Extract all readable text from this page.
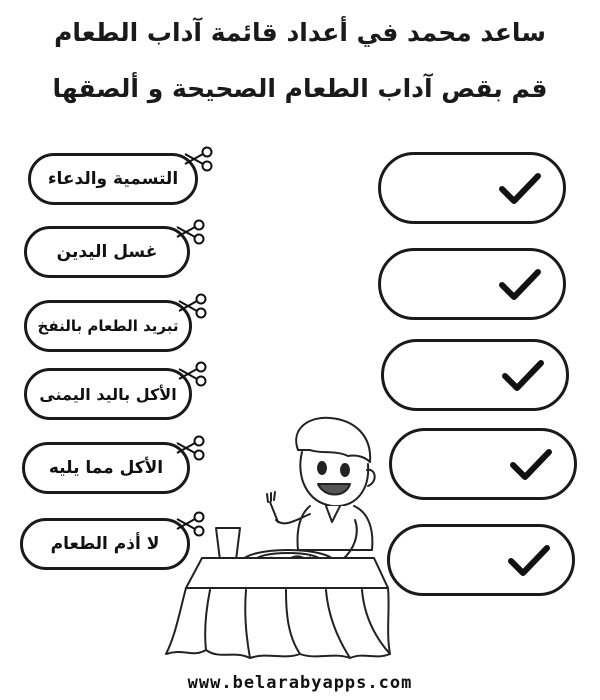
ساعد محمد في أعداد قائمة آداب الطعام
قم بقص آداب الطعام الصحيحة و ألصقها
التسمية والدعاء
غسل اليدين
تبريد الطعام بالنفخ
الأكل باليد اليمنى
الأكل مما يليه
لا أذم الطعام
www.belarabyapps.com
